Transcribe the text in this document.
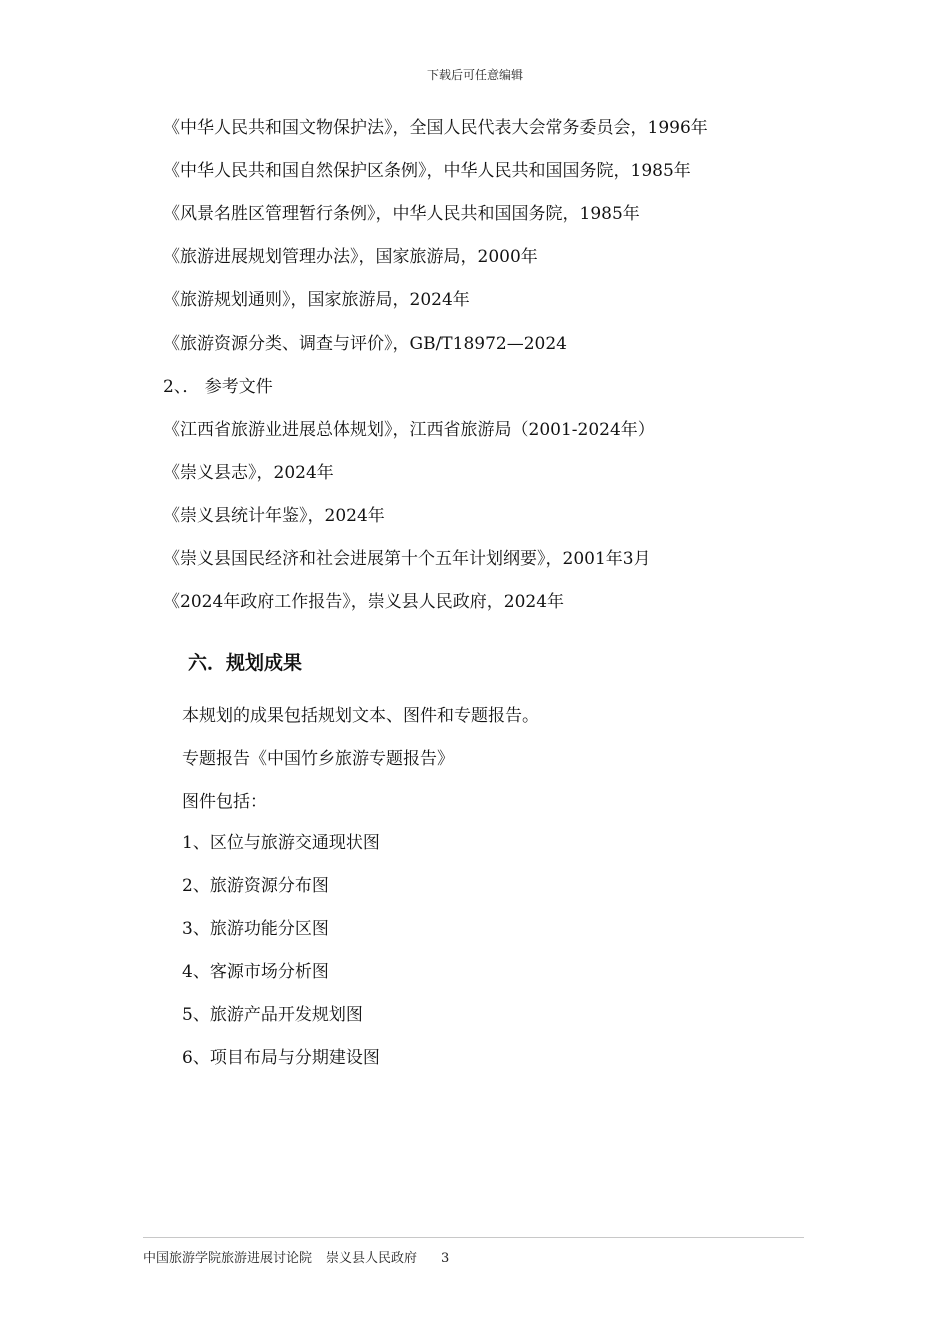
下载后可任意编辑
《中华人民共和国文物保护法》，全国人民代表大会常务委员会，1996年
《中华人民共和国自然保护区条例》，中华人民共和国国务院，1985年
《风景名胜区管理暂行条例》，中华人民共和国国务院，1985年
《旅游进展规划管理办法》，国家旅游局，2000年
《旅游规划通则》，国家旅游局，2024年
《旅游资源分类、调查与评价》，GB/T18972—2024
2、． 参考文件
《江西省旅游业进展总体规划》，江西省旅游局（2001-2024年）
《崇义县志》，2024年
《崇义县统计年鉴》，2024年
《崇义县国民经济和社会进展第十个五年计划纲要》，2001年3月
《2024年政府工作报告》，崇义县人民政府，2024年
六．规划成果
本规划的成果包括规划文本、图件和专题报告。
专题报告《中国竹乡旅游专题报告》
图件包括：
1、区位与旅游交通现状图
2、旅游资源分布图
3、旅游功能分区图
4、客源市场分析图
5、旅游产品开发规划图
6、项目布局与分期建设图
中国旅游学院旅游进展讨论院 崇义县人民政府 3
